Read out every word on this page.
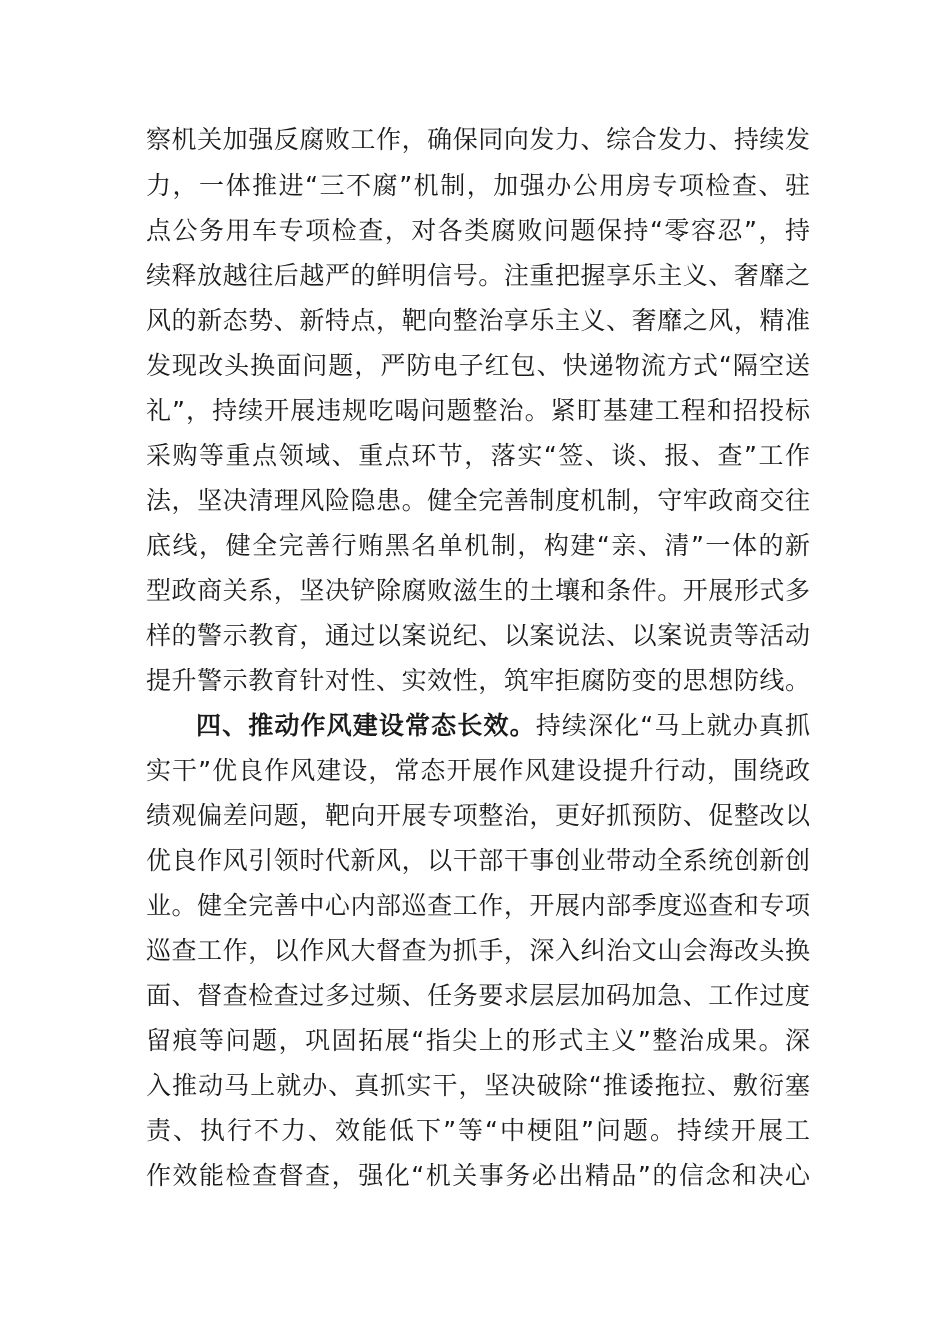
察机关加强反腐败工作，确保同向发力、综合发力、持续发
力，一体推进“三不腐”机制，加强办公用房专项检查、驻
点公务用车专项检查，对各类腐败问题保持“零容忍”，持
续释放越往后越严的鲜明信号。注重把握享乐主义、奢靡之
风的新态势、新特点，靶向整治享乐主义、奢靡之风，精准
发现改头换面问题，严防电子红包、快递物流方式“隔空送
礼”，持续开展违规吃喝问题整治。紧盯基建工程和招投标
采购等重点领域、重点环节，落实“签、谈、报、查”工作
法，坚决清理风险隐患。健全完善制度机制，守牢政商交往
底线，健全完善行贿黑名单机制，构建“亲、清”一体的新
型政商关系，坚决铲除腐败滋生的土壤和条件。开展形式多
样的警示教育，通过以案说纪、以案说法、以案说责等活动
提升警示教育针对性、实效性，筑牢拒腐防变的思想防线。
四、推动作风建设常态长效。持续深化“马上就办真抓
实干”优良作风建设，常态开展作风建设提升行动，围绕政
绩观偏差问题，靶向开展专项整治，更好抓预防、促整改以
优良作风引领时代新风，以干部干事创业带动全系统创新创
业。健全完善中心内部巡查工作，开展内部季度巡查和专项
巡查工作，以作风大督查为抓手，深入纠治文山会海改头换
面、督查检查过多过频、任务要求层层加码加急、工作过度
留痕等问题，巩固拓展“指尖上的形式主义”整治成果。深
入推动马上就办、真抓实干，坚决破除“推诿拖拉、敷衍塞
责、执行不力、效能低下”等“中梗阻”问题。持续开展工
作效能检查督查，强化“机关事务必出精品”的信念和决心
